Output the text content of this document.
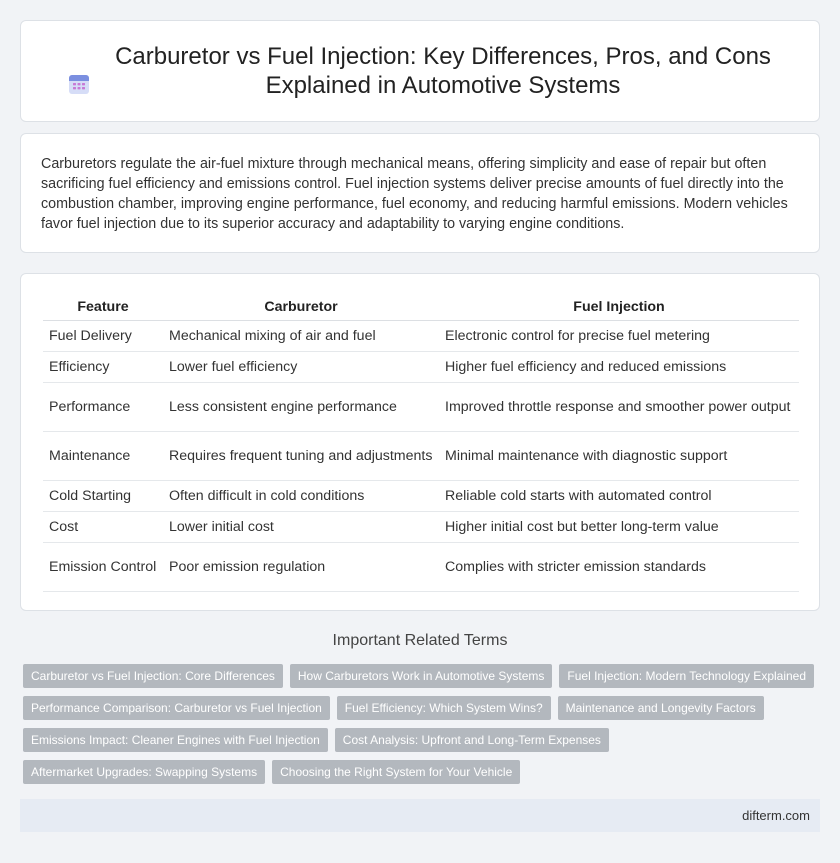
Carburetor vs Fuel Injection: Key Differences, Pros, and Cons Explained in Automotive Systems

Carburetors regulate the air-fuel mixture through mechanical means, offering simplicity and ease of repair but often sacrificing fuel efficiency and emissions control. Fuel injection systems deliver precise amounts of fuel directly into the combustion chamber, improving engine performance, fuel economy, and reducing harmful emissions. Modern vehicles favor fuel injection due to its superior accuracy and adaptability to varying engine conditions.

Feature	Carburetor	Fuel Injection
Fuel Delivery	Mechanical mixing of air and fuel	Electronic control for precise fuel metering
Efficiency	Lower fuel efficiency	Higher fuel efficiency and reduced emissions
Performance	Less consistent engine performance	Improved throttle response and smoother power output
Maintenance	Requires frequent tuning and adjustments	Minimal maintenance with diagnostic support
Cold Starting	Often difficult in cold conditions	Reliable cold starts with automated control
Cost	Lower initial cost	Higher initial cost but better long-term value
Emission Control	Poor emission regulation	Complies with stricter emission standards
Important Related Terms
Carburetor vs Fuel Injection: Core Differences	How Carburetors Work in Automotive Systems	Fuel Injection: Modern Technology Explained
Performance Comparison: Carburetor vs Fuel Injection	Fuel Efficiency: Which System Wins?	Maintenance and Longevity Factors
Emissions Impact: Cleaner Engines with Fuel Injection	Cost Analysis: Upfront and Long-Term Expenses
Aftermarket Upgrades: Swapping Systems	Choosing the Right System for Your Vehicle
difterm.com
